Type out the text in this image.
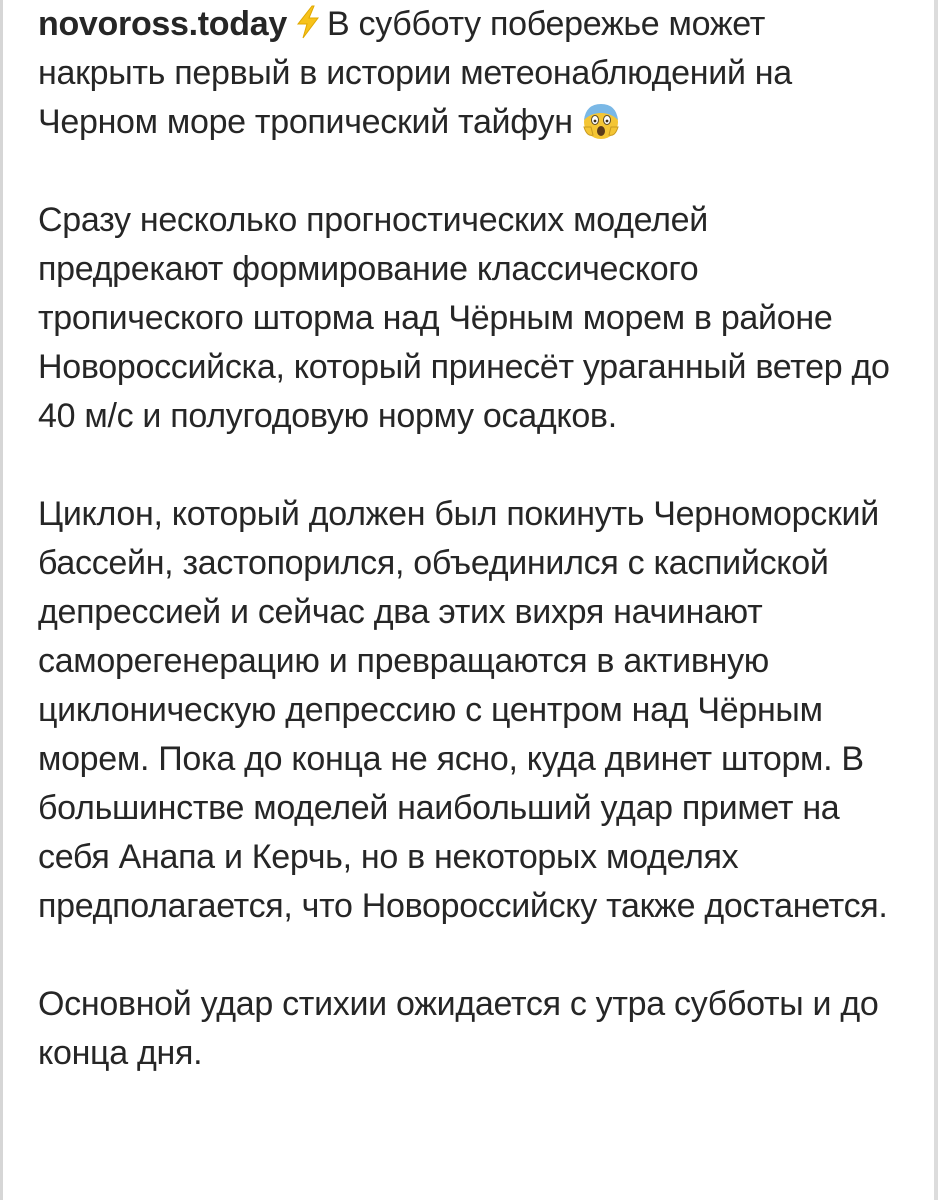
novoross.today В субботу побережье может накрыть первый в истории метеонаблюдений на Черном море тропический тайфун

Сразу несколько прогностических моделей предрекают формирование классического тропического шторма над Чёрным морем в районе Новороссийска, который принесёт ураганный ветер до 40 м/с и полугодовую норму осадков.

Циклон, который должен был покинуть Черноморский бассейн, застопорился, объединился с каспийской депрессией и сейчас два этих вихря начинают саморегенерацию и превращаются в активную циклоническую депрессию с центром над Чёрным морем. Пока до конца не ясно, куда двинет шторм. В большинстве моделей наибольший удар примет на себя Анапа и Керчь, но в некоторых моделях предполагается, что Новороссийску также достанется.

Основной удар стихии ожидается с утра субботы и до конца дня.
